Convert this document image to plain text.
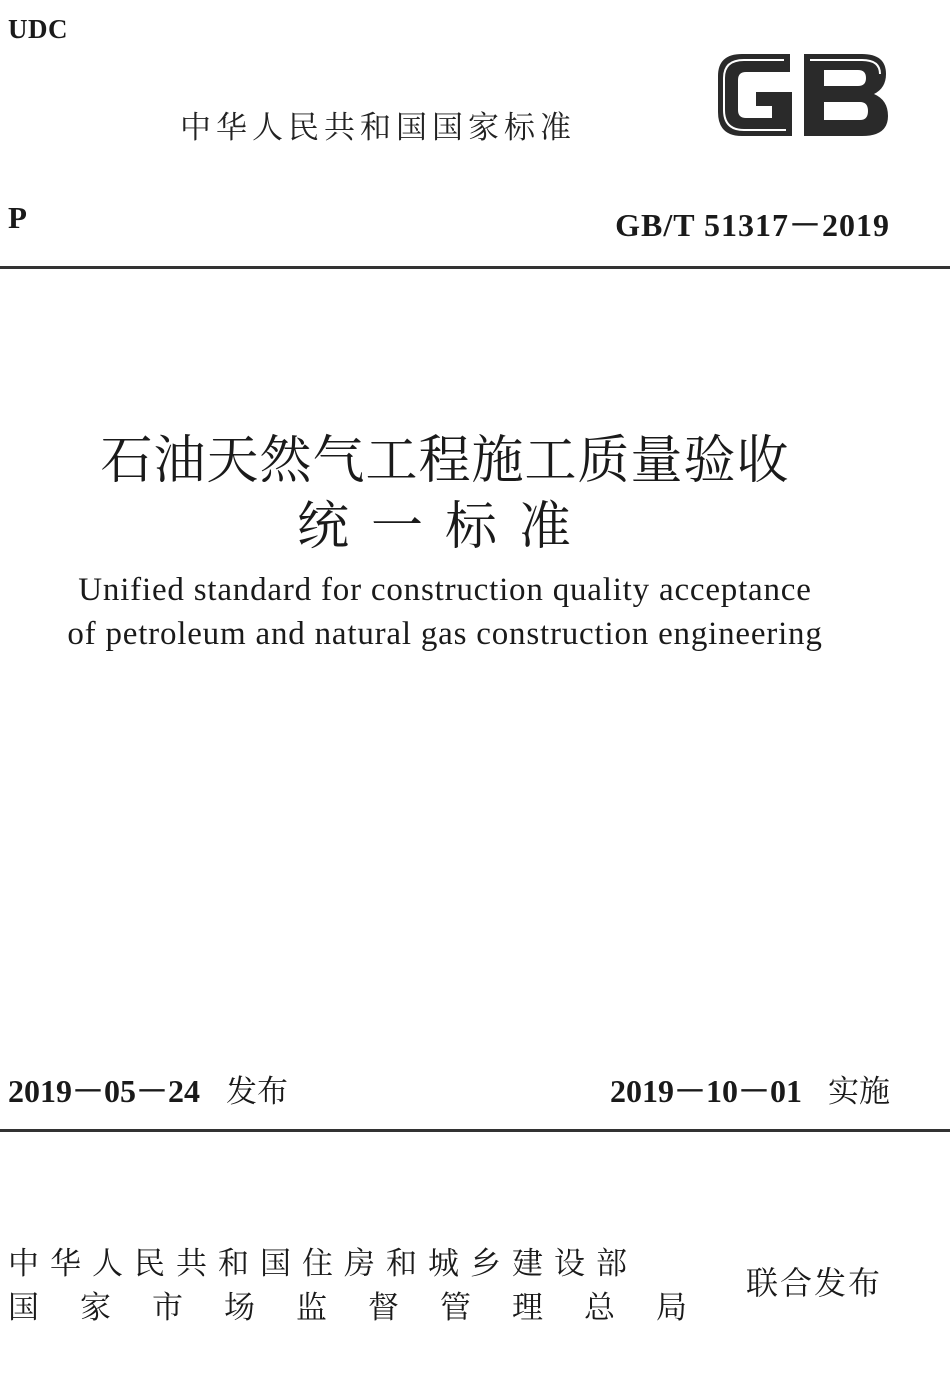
UDC
中华人民共和国国家标准
P	GB/T 51317－2019
石油天然气工程施工质量验收
统一标准
Unified standard for construction quality acceptance
of petroleum and natural gas construction engineering
2019－05－24 发布	2019－10－01 实施
中华人民共和国住房和城乡建设部
国家市场监督管理总局
联合发布
